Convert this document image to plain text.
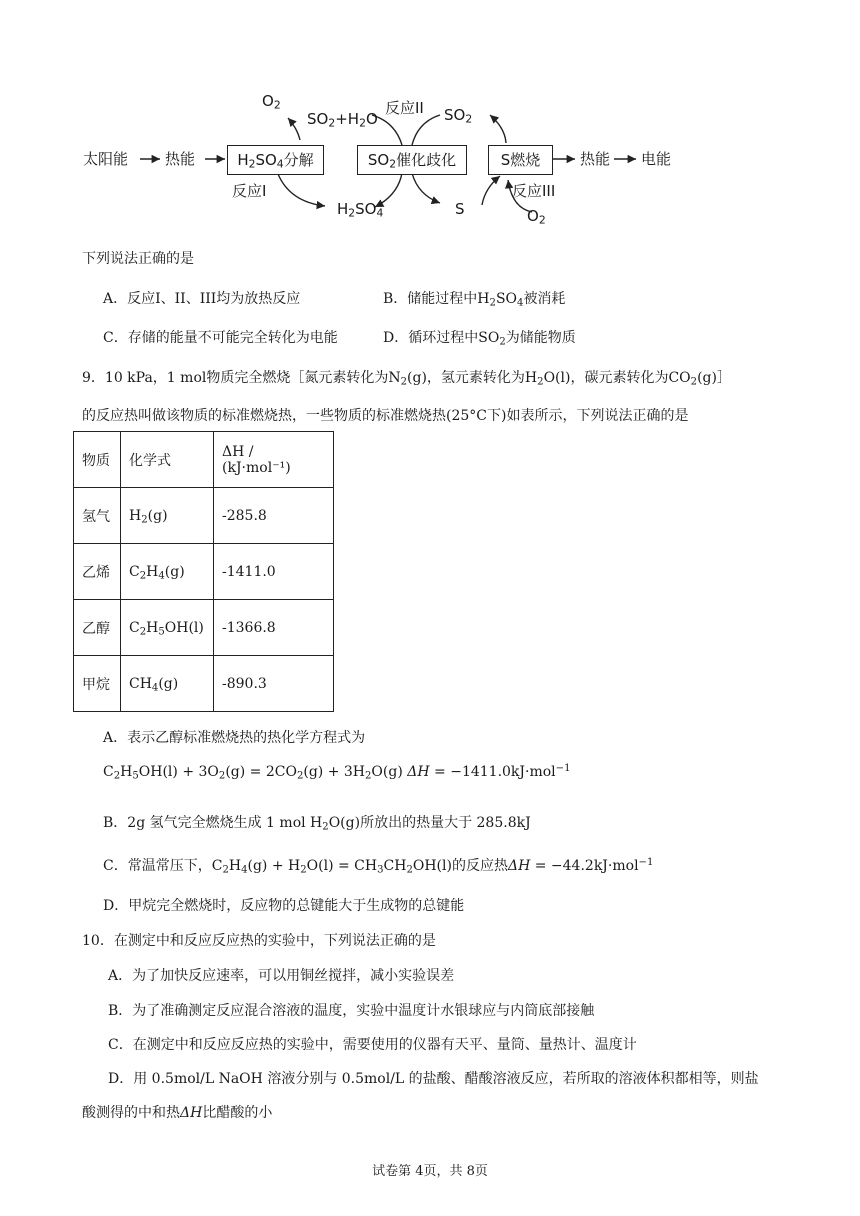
太阳能 热能	$H_2SO_4$分解	$SO_2$催化歧化	S燃烧	热能 电能
$O_2$
$SO_2+H_2O$
反应II $SO_2$
反应I
$H_2SO_4$	S
反应III
$O_2$
下列说法正确的是
A．反应I、II、III均为放热反应	B．储能过程中$H_2SO_4$被消耗
C．存储的能量不可能完全转化为电能	D．循环过程中$SO_2$为储能物质
9．10 kPa，1 mol物质完全燃烧［氮元素转化为$N_2(g)$，氢元素转化为$H_2O(l)$，碳元素转化为$CO_2(g)]$
的反应热叫做该物质的标准燃烧热，一些物质的标准燃烧热(25°C下)如表所示，下列说法正确的是
物质	化学式	ΔH / (kJ·mol⁻¹)
氢气	$H_2(g)$	-285.8
乙烯	$C_2H_4(g)$	-1411.0
乙醇	$C_2H_5OH(l)$	-1366.8
甲烷	$CH_4(g)$	-890.3
A．表示乙醇标准燃烧热的热化学方程式为
$C_2H_5OH(l) + 3O_2(g) = 2CO_2(g) + 3H_2O(g) \Delta H = -1411.0kJ\cdot mol^{-1}$
B．2g 氢气完全燃烧生成 1 mol $H_2O(g)$所放出的热量大于 285.8kJ
C．常温常压下，$C_2H_4(g) + H_2O(l) = CH_3CH_2OH(l)$的反应热ΔH = −44.2kJ·mol$^{-1}$
D．甲烷完全燃烧时，反应物的总键能大于生成物的总键能
10．在测定中和反应反应热的实验中，下列说法正确的是
A．为了加快反应速率，可以用铜丝搅拌，减小实验误差
B．为了准确测定反应混合溶液的温度，实验中温度计水银球应与内筒底部接触
C．在测定中和反应反应热的实验中，需要使用的仪器有天平、量筒、量热计、温度计
D．用 0.5mol/L NaOH 溶液分别与 0.5mol/L 的盐酸、醋酸溶液反应，若所取的溶液体积都相等，则盐
酸测得的中和热ΔH比醋酸的小
试卷第 4页，共 8页
